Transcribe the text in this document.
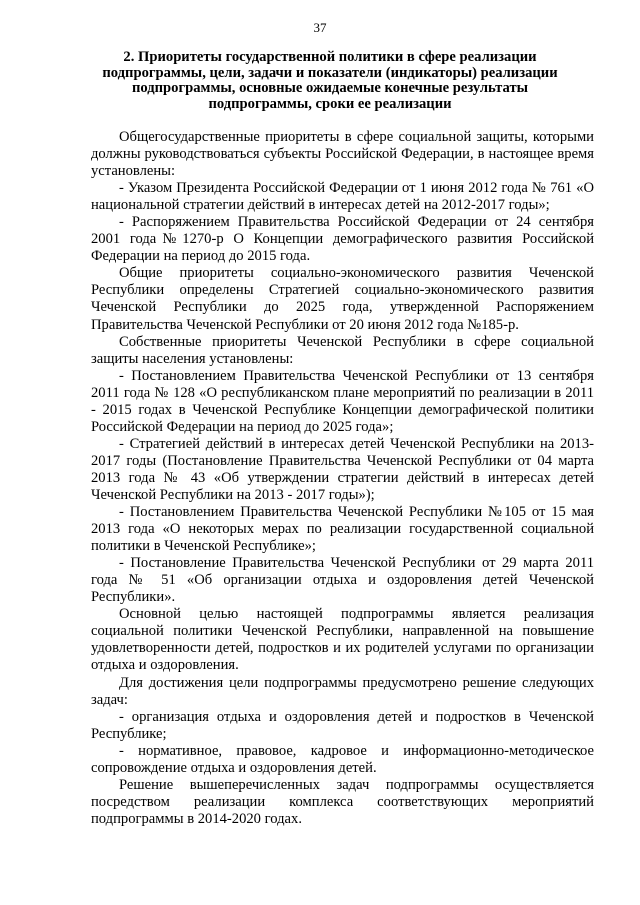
37
2. Приоритеты государственной политики в сфере реализации
подпрограммы, цели, задачи и показатели (индикаторы) реализации
подпрограммы, основные ожидаемые конечные результаты
подпрограммы, сроки ее реализации

Общегосударственные приоритеты в сфере социальной защиты, которыми должны руководствоваться субъекты Российской Федерации, в настоящее время установлены:

- Указом Президента Российской Федерации от 1 июня 2012 года № 761 «О национальной стратегии действий в интересах детей на 2012-2017 годы»;

- Распоряжением Правительства Российской Федерации от 24 сентября 2001 года№1270-р О Концепции демографического развития Российской Федерации на период до 2015 года.

Общие приоритеты социально-экономического развития Чеченской Республики определены Стратегией социально-экономического развития Чеченской Республики до 2025 года, утвержденной Распоряжением Правительства Чеченской Республики от 20 июня 2012 года №185-р.

Собственные приоритеты Чеченской Республики в сфере социальной защиты населения установлены:

- Постановлением Правительства Чеченской Республики от 13 сентября 2011 года № 128 «О республиканском плане мероприятий по реализации в 2011 - 2015 годах в Чеченской Республике Концепции демографической политики Российской Федерации на период до 2025 года»;

- Стратегией действий в интересах детей Чеченской Республики на 2013-2017 годы (Постановление Правительства Чеченской Республики от 04 марта 2013 года № 43 «Об утверждении стратегии действий в интересах детей Чеченской Республики на 2013 - 2017 годы»);

- Постановлением Правительства Чеченской Республики №105 от 15 мая 2013 года «О некоторых мерах по реализации государственной социальной политики в Чеченской Республике»;

- Постановление Правительства Чеченской Республики от 29 марта 2011 года № 51 «Об организации отдыха и оздоровления детей Чеченской Республики».

Основной целью настоящей подпрограммы является реализация социальной политики Чеченской Республики, направленной на повышение удовлетворенности детей, подростков и их родителей услугами по организации отдыха и оздоровления.

Для достижения цели подпрограммы предусмотрено решение следующих задач:

- организация отдыха и оздоровления детей и подростков в Чеченской Республике;

- нормативное, правовое, кадровое и информационно-методическое сопровождение отдыха и оздоровления детей.

Решение вышеперечисленных задач подпрограммы осуществляется посредством реализации комплекса соответствующих мероприятий подпрограммы в 2014-2020 годах.
